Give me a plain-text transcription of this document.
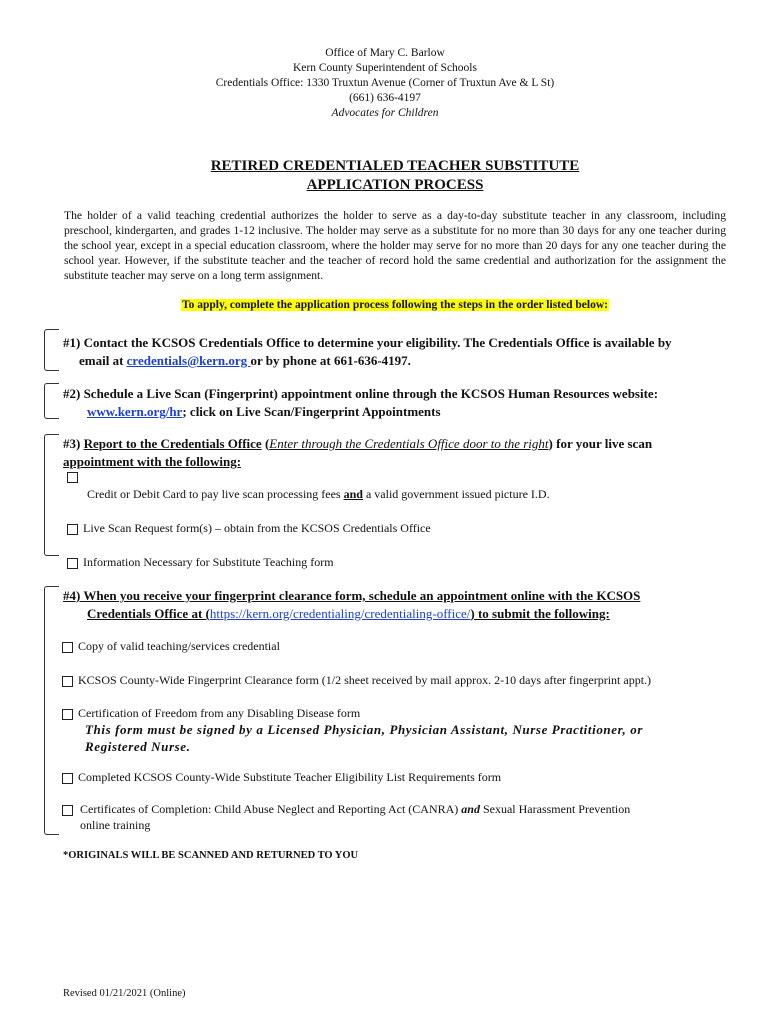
Office of Mary C. Barlow
Kern County Superintendent of Schools
Credentials Office: 1330 Truxtun Avenue (Corner of Truxtun Ave & L St)
(661) 636-4197
Advocates for Children
RETIRED CREDENTIALED TEACHER SUBSTITUTE
APPLICATION PROCESS
The holder of a valid teaching credential authorizes the holder to serve as a day-to-day substitute teacher in any classroom, including preschool, kindergarten, and grades 1-12 inclusive. The holder may serve as a substitute for no more than 30 days for any one teacher during the school year, except in a special education classroom, where the holder may serve for no more than 20 days for any one teacher during the school year. However, if the substitute teacher and the teacher of record hold the same credential and authorization for the assignment the substitute teacher may serve on a long term assignment.
To apply, complete the application process following the steps in the order listed below:
#1) Contact the KCSOS Credentials Office to determine your eligibility. The Credentials Office is available by
email at credentials@kern.org or by phone at 661-636-4197.
#2) Schedule a Live Scan (Fingerprint) appointment online through the KCSOS Human Resources website:
www.kern.org/hr; click on Live Scan/Fingerprint Appointments
#3) Report to the Credentials Office (Enter through the Credentials Office door to the right) for your live scan
appointment with the following:
Credit or Debit Card to pay live scan processing fees and a valid government issued picture I.D.
Live Scan Request form(s) – obtain from the KCSOS Credentials Office
Information Necessary for Substitute Teaching form
#4) When you receive your fingerprint clearance form, schedule an appointment online with the KCSOS
Credentials Office at (https://kern.org/credentialing/credentialing-office/) to submit the following:
Copy of valid teaching/services credential
KCSOS County-Wide Fingerprint Clearance form (1/2 sheet received by mail approx. 2-10 days after fingerprint appt.)
Certification of Freedom from any Disabling Disease form
This form must be signed by a Licensed Physician, Physician Assistant, Nurse Practitioner, or
Registered Nurse.
Completed KCSOS County-Wide Substitute Teacher Eligibility List Requirements form
Certificates of Completion: Child Abuse Neglect and Reporting Act (CANRA) and Sexual Harassment Prevention
online training
*ORIGINALS WILL BE SCANNED AND RETURNED TO YOU
Revised 01/21/2021 (Online)
